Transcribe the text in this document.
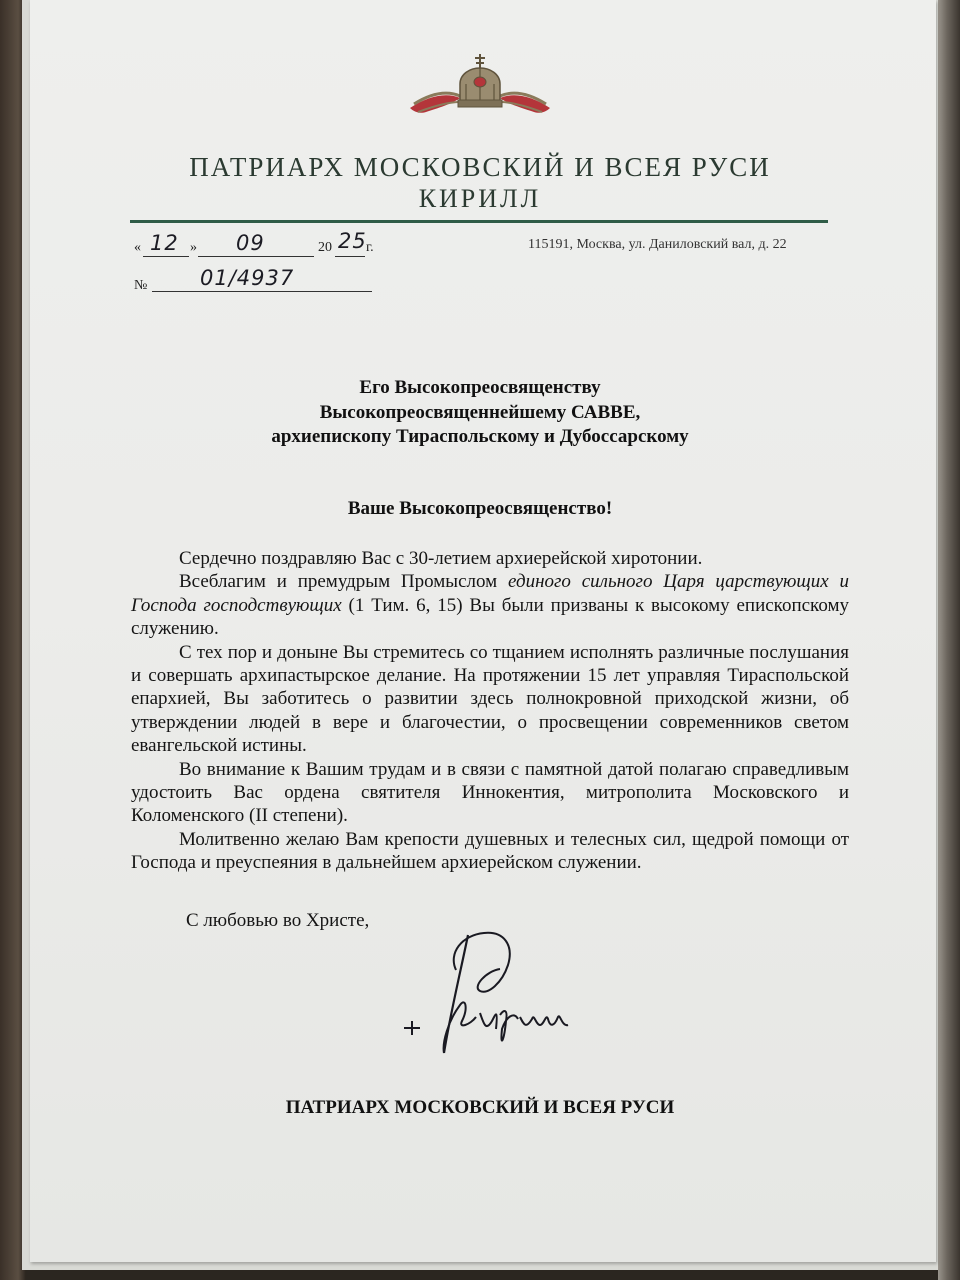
ПАТРИАРХ МОСКОВСКИЙ И ВСЕЯ РУСИ
КИРИЛЛ
« 12 » 09	20 25 г.	115191, Москва, ул. Даниловский вал, д. 22
№	01/4937
Его Высокопреосвященству
Высокопреосвященнейшему САВВЕ,
архиепископу Тираспольскому и Дубоссарскому
Ваше Высокопреосвященство!

Сердечно поздравляю Вас с 30-летием архиерейской хиротонии.

Всеблагим и премудрым Промыслом единого сильного Царя царствующих и Господа господствующих (1 Тим. 6, 15) Вы были призваны к высокому епископскому служению.

С тех пор и доныне Вы стремитесь со тщанием исполнять различные послушания и совершать архипастырское делание. На протяжении 15 лет управляя Тираспольской епархией, Вы заботитесь о развитии здесь полнокровной приходской жизни, об утверждении людей в вере и благочестии, о просвещении современников светом евангельской истины.

Во внимание к Вашим трудам и в связи с памятной датой полагаю справедливым удостоить Вас ордена святителя Иннокентия, митрополита Московского и Коломенского (II степени).

Молитвенно желаю Вам крепости душевных и телесных сил, щедрой помощи от Господа и преуспеяния в дальнейшем архиерейском служении.

С любовью во Христе,
ПАТРИАРХ МОСКОВСКИЙ И ВСЕЯ РУСИ
